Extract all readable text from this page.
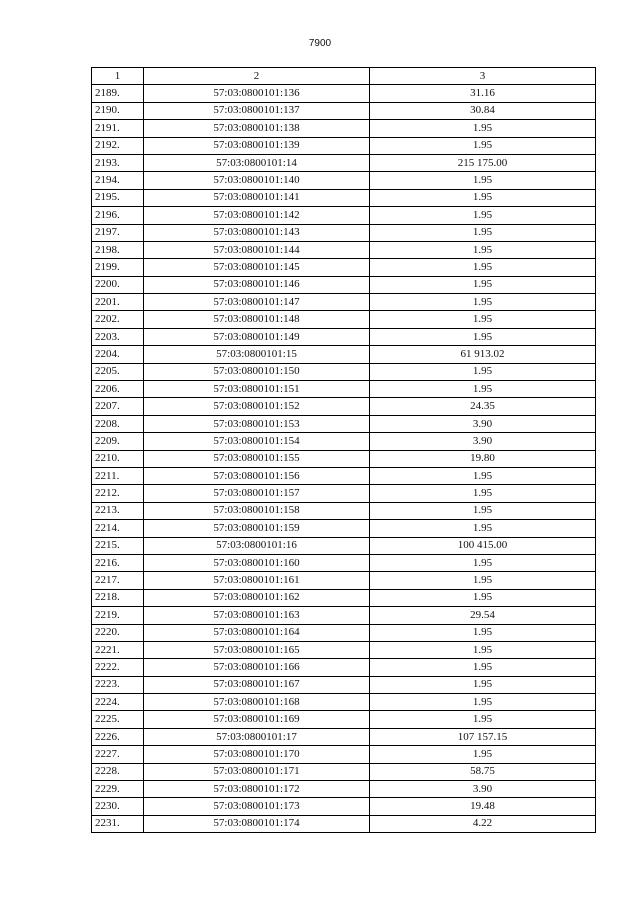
7900
1	2	3
2189.	57:03:0800101:136	31.16
2190.	57:03:0800101:137	30.84
2191.	57:03:0800101:138	1.95
2192.	57:03:0800101:139	1.95
2193.	57:03:0800101:14	215 175.00
2194.	57:03:0800101:140	1.95
2195.	57:03:0800101:141	1.95
2196.	57:03:0800101:142	1.95
2197.	57:03:0800101:143	1.95
2198.	57:03:0800101:144	1.95
2199.	57:03:0800101:145	1.95
2200.	57:03:0800101:146	1.95
2201.	57:03:0800101:147	1.95
2202.	57:03:0800101:148	1.95
2203.	57:03:0800101:149	1.95
2204.	57:03:0800101:15	61 913.02
2205.	57:03:0800101:150	1.95
2206.	57:03:0800101:151	1.95
2207.	57:03:0800101:152	24.35
2208.	57:03:0800101:153	3.90
2209.	57:03:0800101:154	3.90
2210.	57:03:0800101:155	19.80
2211.	57:03:0800101:156	1.95
2212.	57:03:0800101:157	1.95
2213.	57:03:0800101:158	1.95
2214.	57:03:0800101:159	1.95
2215.	57:03:0800101:16	100 415.00
2216.	57:03:0800101:160	1.95
2217.	57:03:0800101:161	1.95
2218.	57:03:0800101:162	1.95
2219.	57:03:0800101:163	29.54
2220.	57:03:0800101:164	1.95
2221.	57:03:0800101:165	1.95
2222.	57:03:0800101:166	1.95
2223.	57:03:0800101:167	1.95
2224.	57:03:0800101:168	1.95
2225.	57:03:0800101:169	1.95
2226.	57:03:0800101:17	107 157.15
2227.	57:03:0800101:170	1.95
2228.	57:03:0800101:171	58.75
2229.	57:03:0800101:172	3.90
2230.	57:03:0800101:173	19.48
2231.	57:03:0800101:174	4.22
